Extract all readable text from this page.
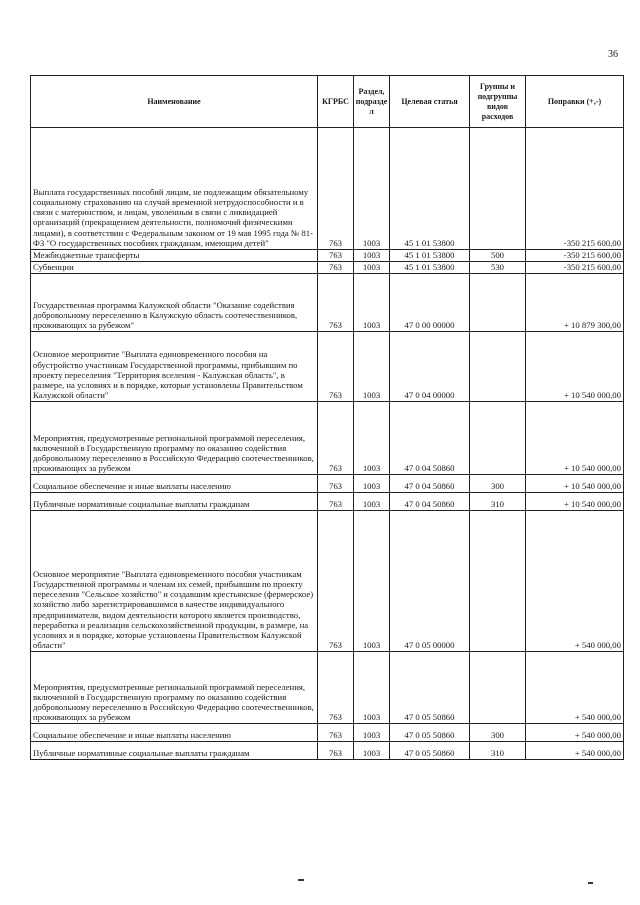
36
Наименование	КГРБС	Раздел, подразде л	Целевая статья	Группы и подгруппы видов расходов	Поправки (+,-)
Выплата государственных пособий лицам, не подлежащим обязательному социальному страхованию на случай временной нетрудоспособности и в связи с материнством, и лицам, уволенным в связи с ликвидацией организаций (прекращением деятельности, полномочий физическими лицами), в соответствии с Федеральным законом от 19 мая 1995 года № 81-ФЗ "О государственных пособиях гражданам, имеющим детей"	763	1003	45 1 01 53800		-350 215 600,00
Межбюджетные трансферты	763	1003	45 1 01 53800	500	-350 215 600,00
Субвенции	763	1003	45 1 01 53800	530	-350 215 600,00
Государственная программа Калужской области "Оказание содействия добровольному переселению в Калужскую область соотечественников, проживающих за рубежом"	763	1003	47 0 00 00000		+ 10 879 300,00
Основное мероприятие "Выплата единовременного пособия на обустройство участникам Государственной программы, прибывшим по проекту переселения "Территория вселения - Калужская область", в размере, на условиях и в порядке, которые установлены Правительством Калужской области"	763	1003	47 0 04 00000		+ 10 540 000,00
Мероприятия, предусмотренные региональной программой переселения, включенной в Государственную программу по оказанию содействия добровольному переселению в Российскую Федерацию соотечественников, проживающих за рубежом	763	1003	47 0 04 50860		+ 10 540 000,00
Социальное обеспечение и иные выплаты населению	763	1003	47 0 04 50860	300	+ 10 540 000,00
Публичные нормативные социальные выплаты гражданам	763	1003	47 0 04 50860	310	+ 10 540 000,00
Основное мероприятие "Выплата единовременного пособия участникам Государственной программы и членам их семей, прибывшим по проекту переселения "Сельское хозяйство" и создавшим крестьянское (фермерское) хозяйство либо зарегистрировавшимся в качестве индивидуального предпринимателя, видом деятельности которого является производство, переработка и реализация сельскохозяйственной продукции, в размере, на условиях и в порядке, которые установлены Правительством Калужской области"	763	1003	47 0 05 00000		+ 540 000,00
Мероприятия, предусмотренные региональной программой переселения, включенной в Государственную программу по оказанию содействия добровольному переселению в Российскую Федерацию соотечественников, проживающих за рубежом	763	1003	47 0 05 50860		+ 540 000,00
Социальное обеспечение и иные выплаты населению	763	1003	47 0 05 50860	300	+ 540 000,00
Публичные нормативные социальные выплаты гражданам	763	1003	47 0 05 50860	310	+ 540 000,00
